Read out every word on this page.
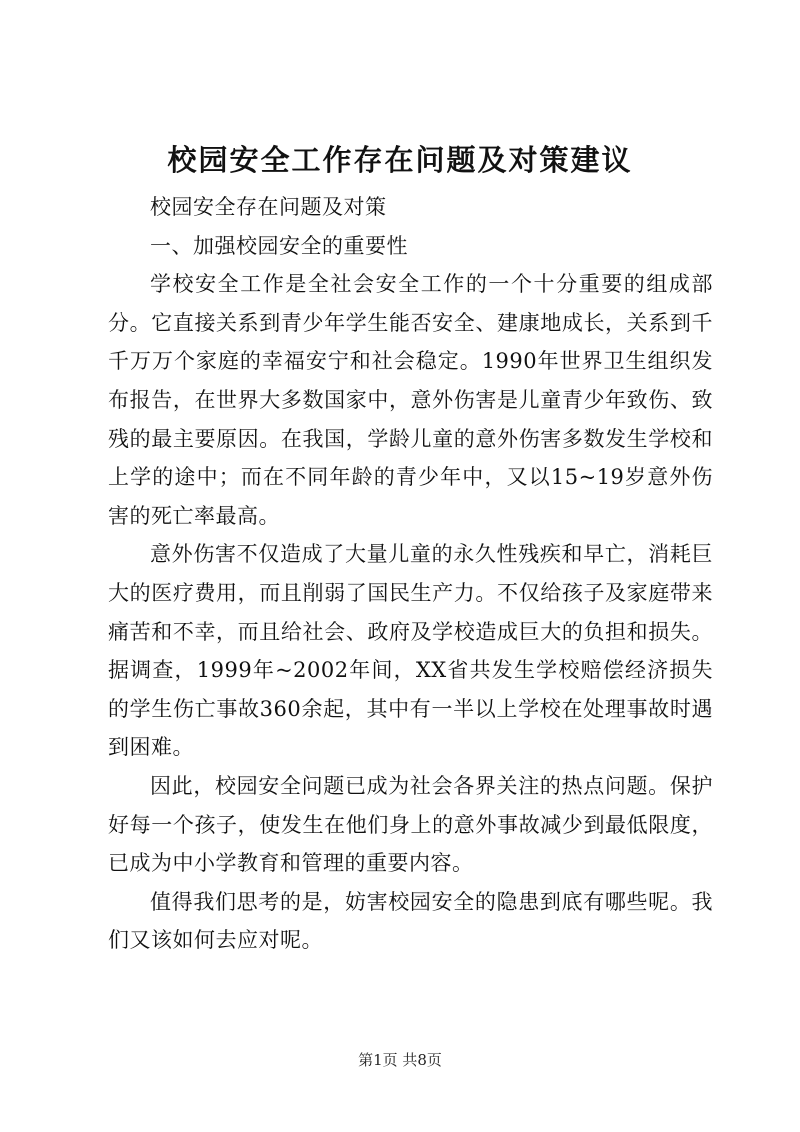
校园安全工作存在问题及对策建议

校园安全存在问题及对策

一、加强校园安全的重要性

学校安全工作是全社会安全工作的一个十分重要的组成部分。它直接关系到青少年学生能否安全、建康地成长，关系到千千万万个家庭的幸福安宁和社会稳定。1990年世界卫生组织发布报告，在世界大多数国家中，意外伤害是儿童青少年致伤、致残的最主要原因。在我国，学龄儿童的意外伤害多数发生学校和上学的途中；而在不同年龄的青少年中，又以15~19岁意外伤害的死亡率最高。

意外伤害不仅造成了大量儿童的永久性残疾和早亡，消耗巨大的医疗费用，而且削弱了国民生产力。不仅给孩子及家庭带来痛苦和不幸，而且给社会、政府及学校造成巨大的负担和损失。据调查，1999年~2002年间，XX省共发生学校赔偿经济损失的学生伤亡事故360余起，其中有一半以上学校在处理事故时遇到困难。

因此，校园安全问题已成为社会各界关注的热点问题。保护好每一个孩子，使发生在他们身上的意外事故减少到最低限度，已成为中小学教育和管理的重要内容。

值得我们思考的是，妨害校园安全的隐患到底有哪些呢。我们又该如何去应对呢。

第1页 共8页
